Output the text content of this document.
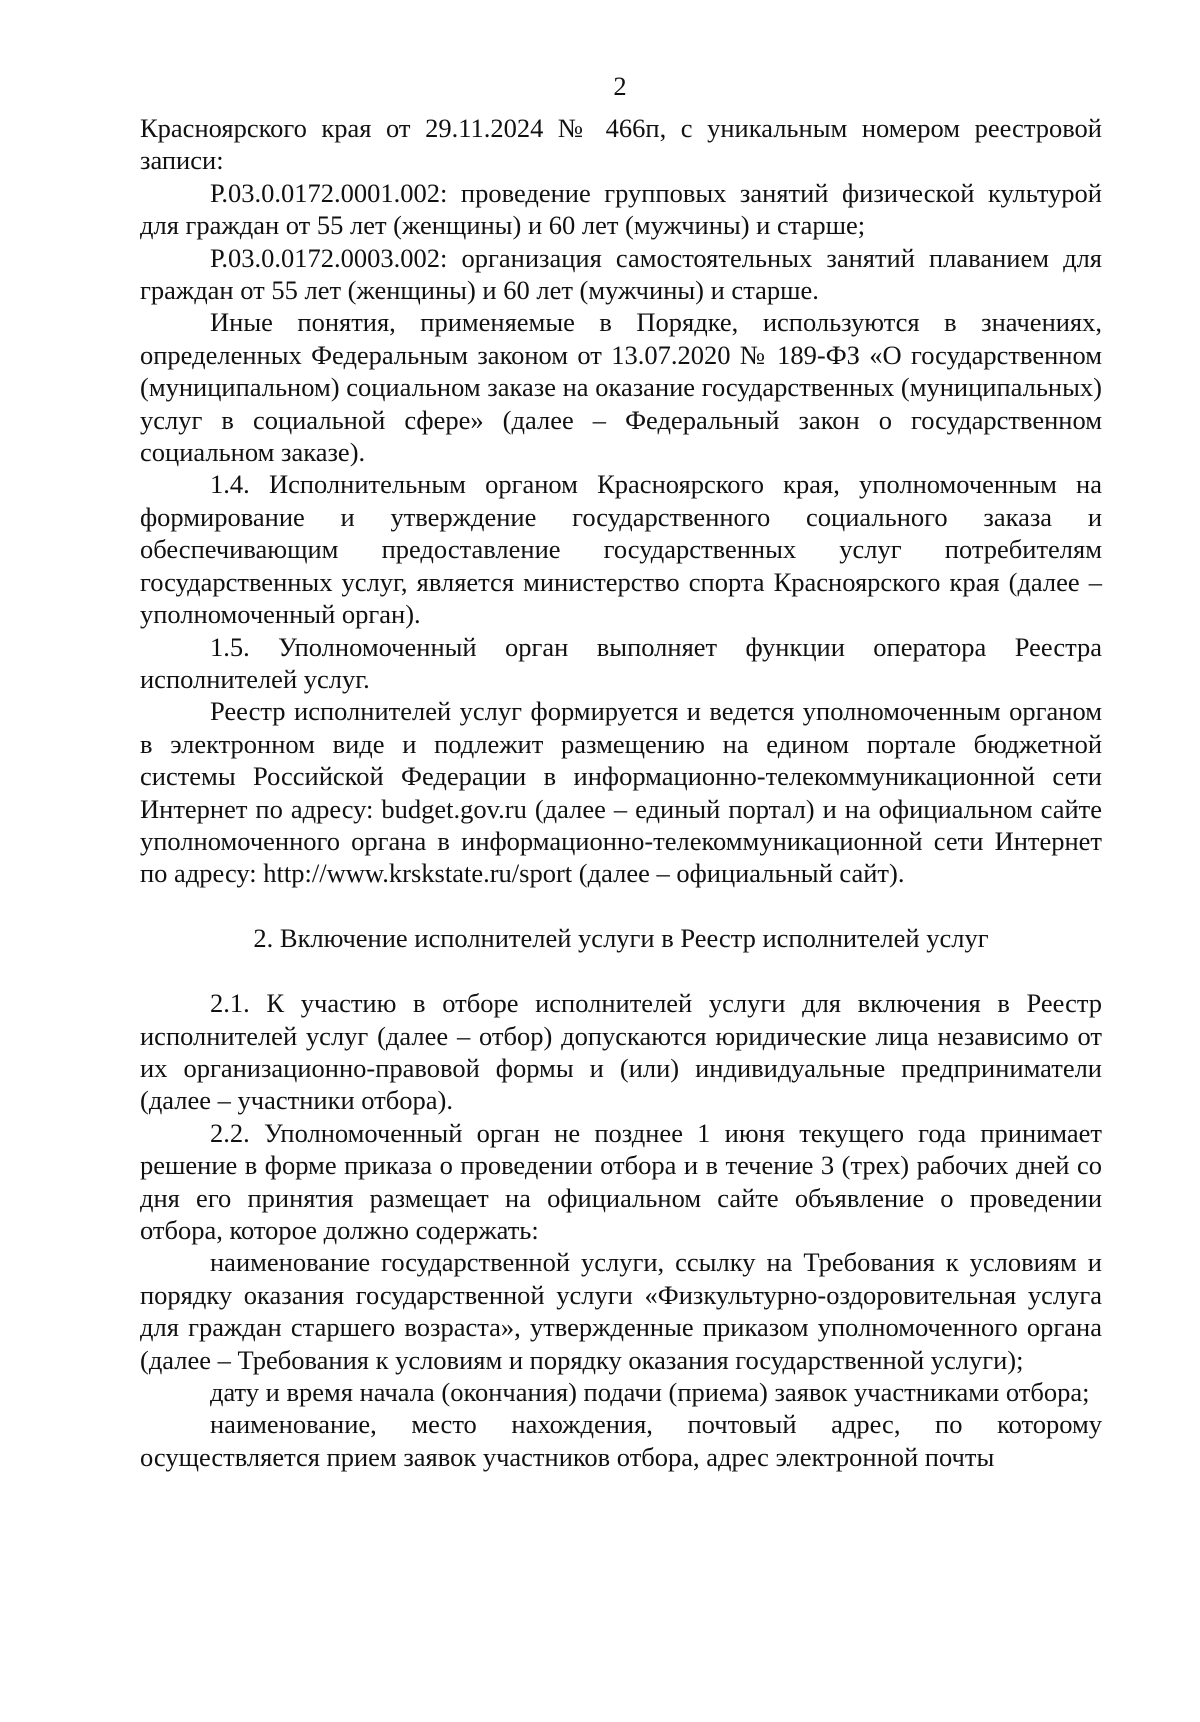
2

Красноярского края от 29.11.2024 № 466п, с уникальным номером реестровой записи:

Р.03.0.0172.0001.002: проведение групповых занятий физической культурой для граждан от 55 лет (женщины) и 60 лет (мужчины) и старше;

Р.03.0.0172.0003.002: организация самостоятельных занятий плаванием для граждан от 55 лет (женщины) и 60 лет (мужчины) и старше.

Иные понятия, применяемые в Порядке, используются в значениях, определенных Федеральным законом от 13.07.2020 № 189-ФЗ «О государственном (муниципальном) социальном заказе на оказание государственных (муниципальных) услуг в социальной сфере» (далее – Федеральный закон о государственном социальном заказе).

1.4. Исполнительным органом Красноярского края, уполномоченным на формирование и утверждение государственного социального заказа и обеспечивающим предоставление государственных услуг потребителям государственных услуг, является министерство спорта Красноярского края (далее – уполномоченный орган).

1.5. Уполномоченный орган выполняет функции оператора Реестра исполнителей услуг.

Реестр исполнителей услуг формируется и ведется уполномоченным органом в электронном виде и подлежит размещению на едином портале бюджетной системы Российской Федерации в информационно-телекоммуникационной сети Интернет по адресу: budget.gov.ru (далее – единый портал) и на официальном сайте уполномоченного органа в информационно-телекоммуникационной сети Интернет по адресу: http://www.krskstate.ru/sport (далее – официальный сайт).

2. Включение исполнителей услуги в Реестр исполнителей услуг

2.1. К участию в отборе исполнителей услуги для включения в Реестр исполнителей услуг (далее – отбор) допускаются юридические лица независимо от их организационно-правовой формы и (или) индивидуальные предприниматели (далее – участники отбора).

2.2. Уполномоченный орган не позднее 1 июня текущего года принимает решение в форме приказа о проведении отбора и в течение 3 (трех) рабочих дней со дня его принятия размещает на официальном сайте объявление о проведении отбора, которое должно содержать:

наименование государственной услуги, ссылку на Требования к условиям и порядку оказания государственной услуги «Физкультурно-оздоровительная услуга для граждан старшего возраста», утвержденные приказом уполномоченного органа (далее – Требования к условиям и порядку оказания государственной услуги);

дату и время начала (окончания) подачи (приема) заявок участниками отбора;

наименование, место нахождения, почтовый адрес, по которому осуществляется прием заявок участников отбора, адрес электронной почты
